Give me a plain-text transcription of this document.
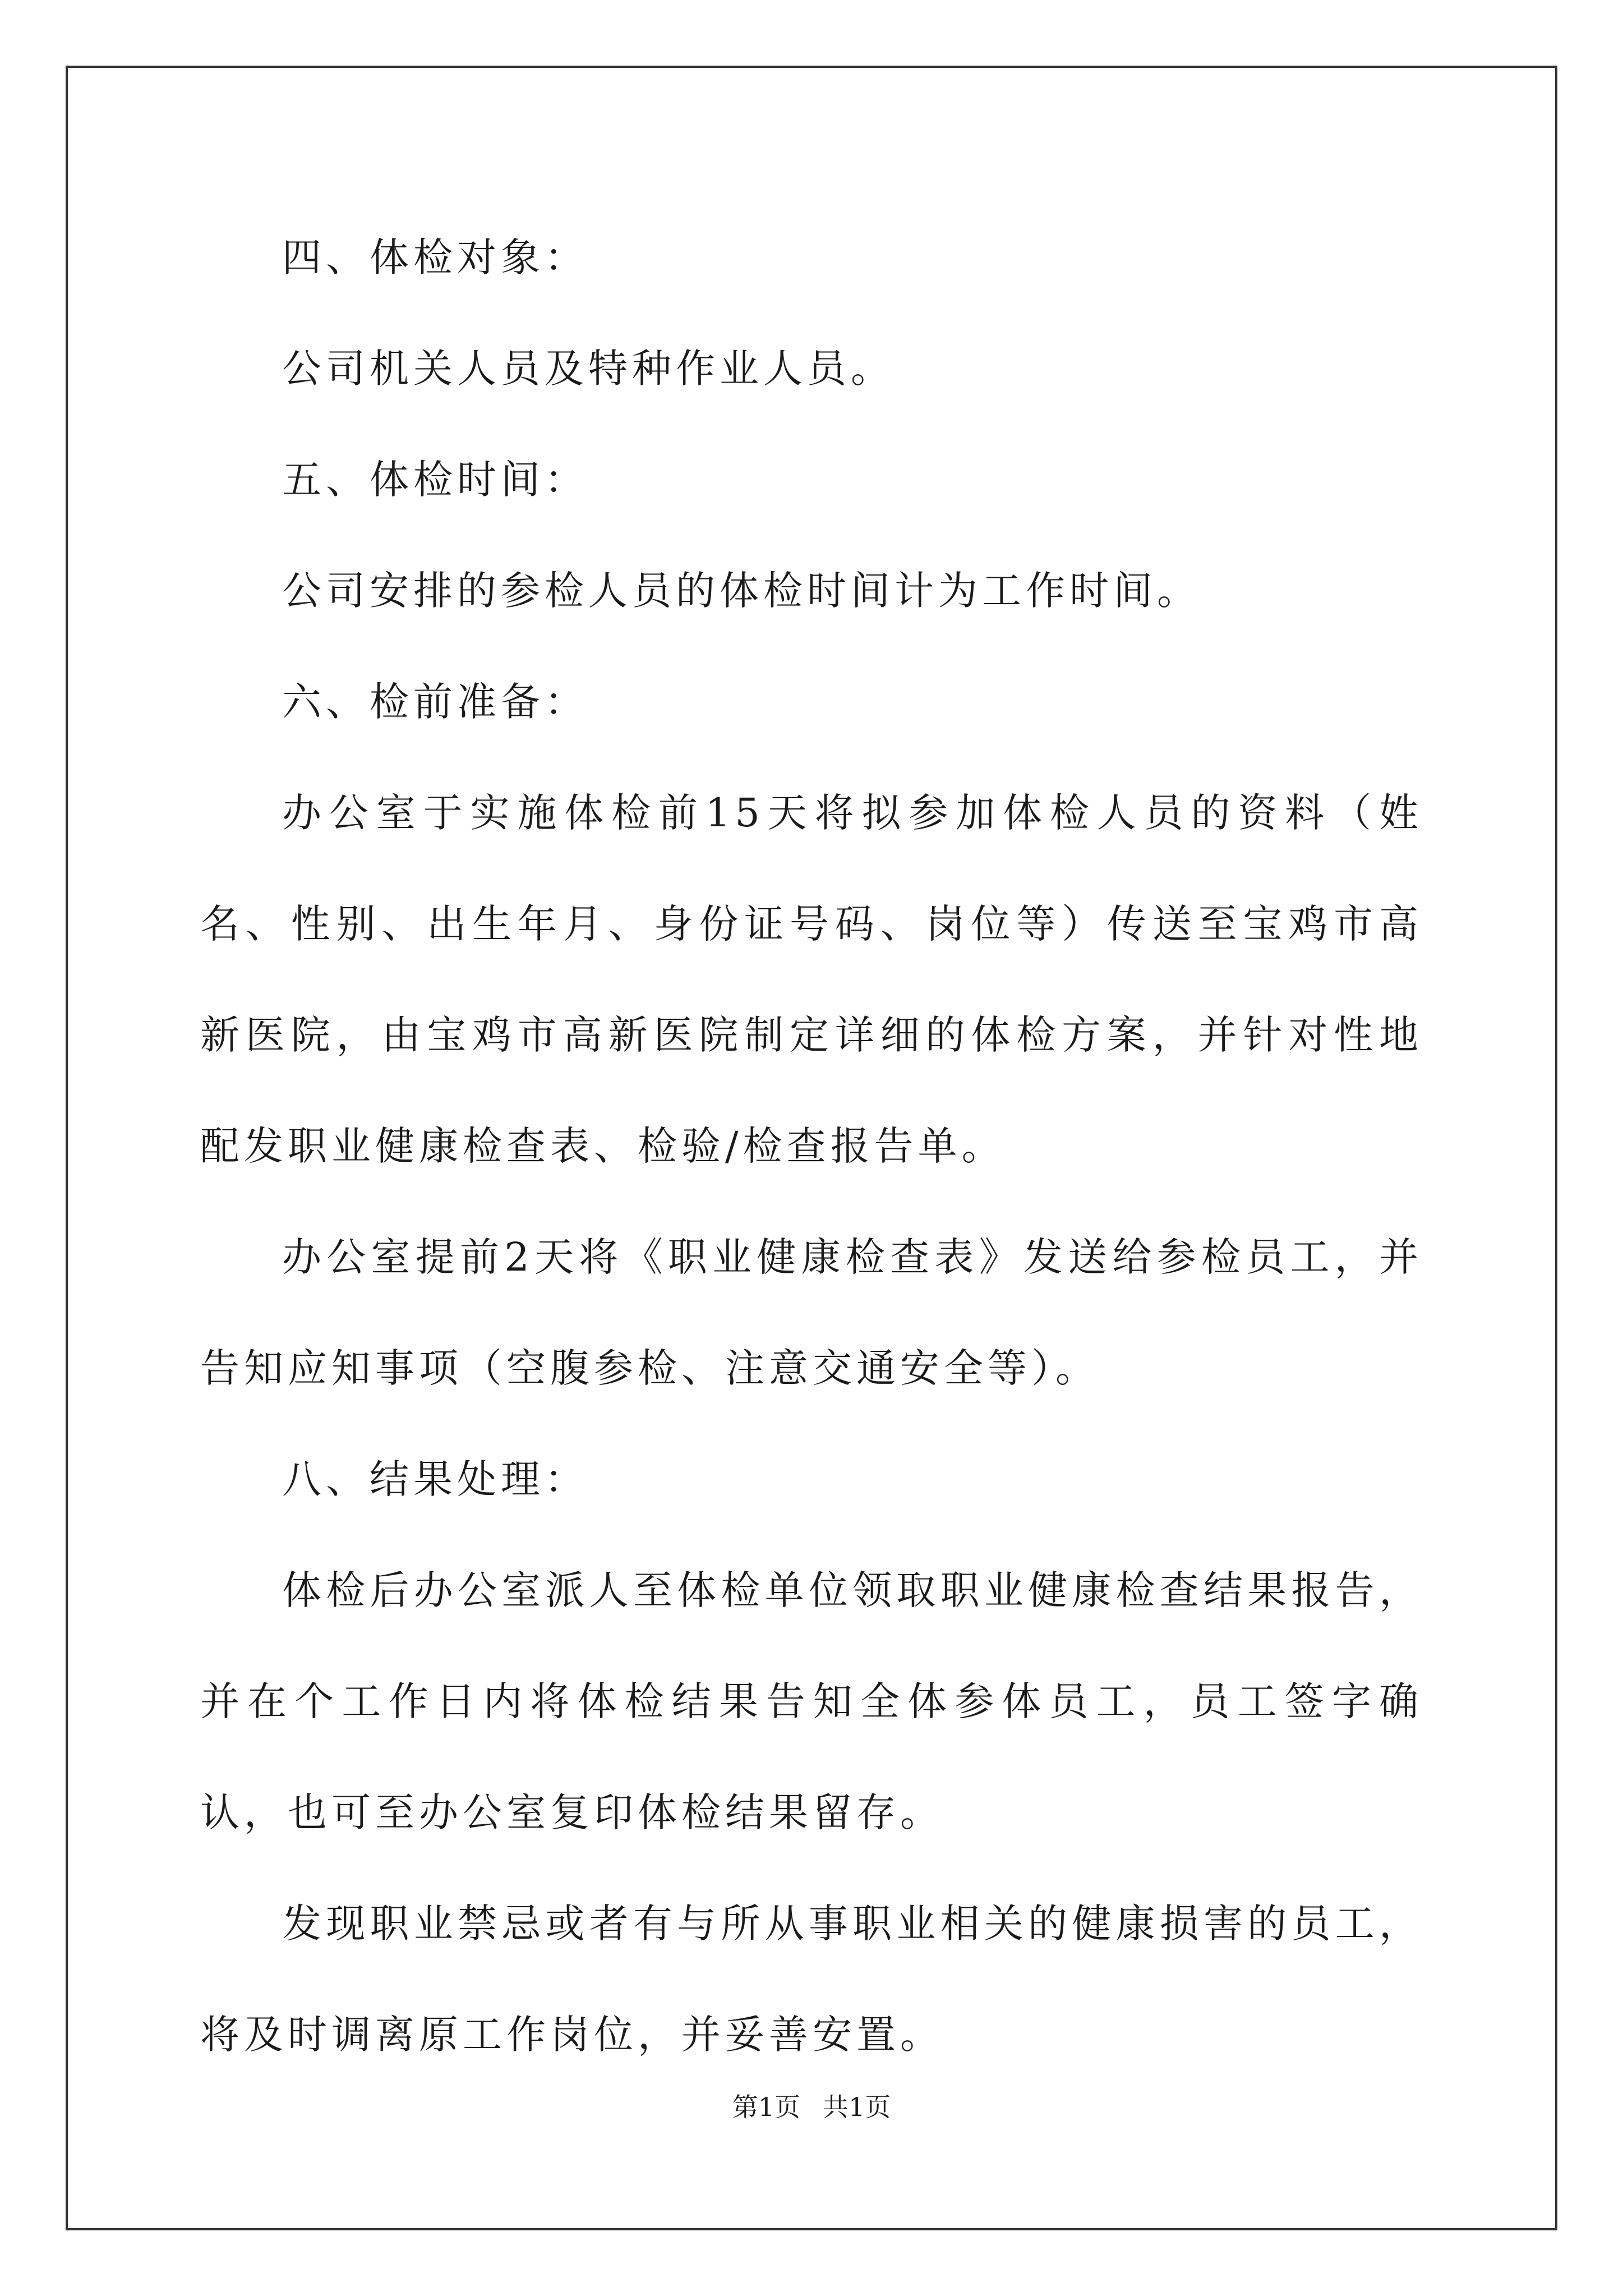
四、体检对象：

公司机关人员及特种作业人员。

五、体检时间：

公司安排的参检人员的体检时间计为工作时间。

六、检前准备：

办公室于实施体检前15天将拟参加体检人员的资料（姓名、性别、出生年月、身份证号码、岗位等）传送至宝鸡市高新医院，由宝鸡市高新医院制定详细的体检方案，并针对性地配发职业健康检查表、检验/检查报告单。

办公室提前2天将《职业健康检查表》发送给参检员工，并告知应知事项（空腹参检、注意交通安全等）。

八、结果处理：

体检后办公室派人至体检单位领取职业健康检查结果报告，并在个工作日内将体检结果告知全体参体员工，员工签字确认，也可至办公室复印体检结果留存。

发现职业禁忌或者有与所从事职业相关的健康损害的员工，将及时调离原工作岗位，并妥善安置。

第1页 共1页
